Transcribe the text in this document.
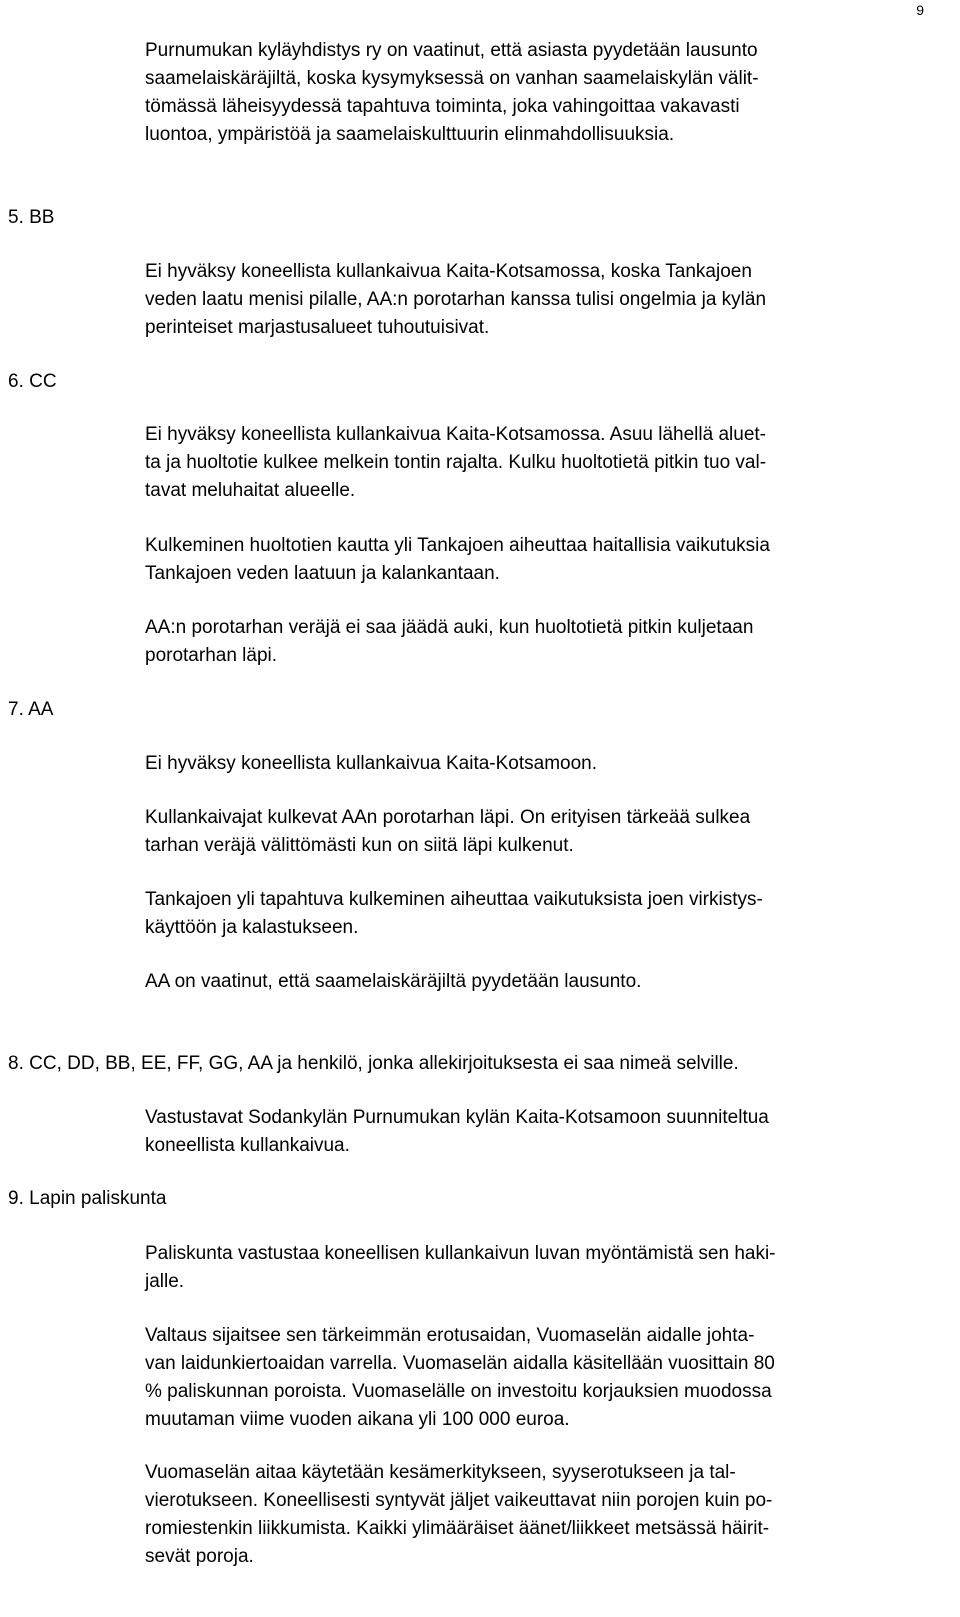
9
Purnumukan kyläyhdistys ry on vaatinut, että asiasta pyydetään lausunto
saamelaiskäräjiltä, koska kysymyksessä on vanhan saamelaiskylän välit-
tömässä läheisyydessä tapahtuva toiminta, joka vahingoittaa vakavasti
luontoa, ympäristöä ja saamelaiskulttuurin elinmahdollisuuksia.
5. BB
Ei hyväksy koneellista kullankaivua Kaita-Kotsamossa, koska Tankajoen
veden laatu menisi pilalle, AA:n porotarhan kanssa tulisi ongelmia ja kylän
perinteiset marjastusalueet tuhoutuisivat.
6. CC
Ei hyväksy koneellista kullankaivua Kaita-Kotsamossa. Asuu lähellä aluet-
ta ja huoltotie kulkee melkein tontin rajalta. Kulku huoltotietä pitkin tuo val-
tavat meluhaitat alueelle.
Kulkeminen huoltotien kautta yli Tankajoen aiheuttaa haitallisia vaikutuksia
Tankajoen veden laatuun ja kalankantaan.
AA:n porotarhan veräjä ei saa jäädä auki, kun huoltotietä pitkin kuljetaan
porotarhan läpi.
7. AA
Ei hyväksy koneellista kullankaivua Kaita-Kotsamoon.
Kullankaivajat kulkevat AAn porotarhan läpi. On erityisen tärkeää sulkea
tarhan veräjä välittömästi kun on siitä läpi kulkenut.
Tankajoen yli tapahtuva kulkeminen aiheuttaa vaikutuksista joen virkistys-
käyttöön ja kalastukseen.
AA on vaatinut, että saamelaiskäräjiltä pyydetään lausunto.
8. CC, DD, BB, EE, FF, GG, AA ja henkilö, jonka allekirjoituksesta ei saa nimeä selville.
Vastustavat Sodankylän Purnumukan kylän Kaita-Kotsamoon suunniteltua
koneellista kullankaivua.
9. Lapin paliskunta
Paliskunta vastustaa koneellisen kullankaivun luvan myöntämistä sen haki-
jalle.
Valtaus sijaitsee sen tärkeimmän erotusaidan, Vuomaselän aidalle johta-
van laidunkiertoaidan varrella. Vuomaselän aidalla käsitellään vuosittain 80
% paliskunnan poroista. Vuomaselälle on investoitu korjauksien muodossa
muutaman viime vuoden aikana yli 100 000 euroa.
Vuomaselän aitaa käytetään kesämerkitykseen, syyserotukseen ja tal-
vierotukseen. Koneellisesti syntyvät jäljet vaikeuttavat niin porojen kuin po-
romiestenkin liikkumista. Kaikki ylimääräiset äänet/liikkeet metsässä häirit-
sevät poroja.
